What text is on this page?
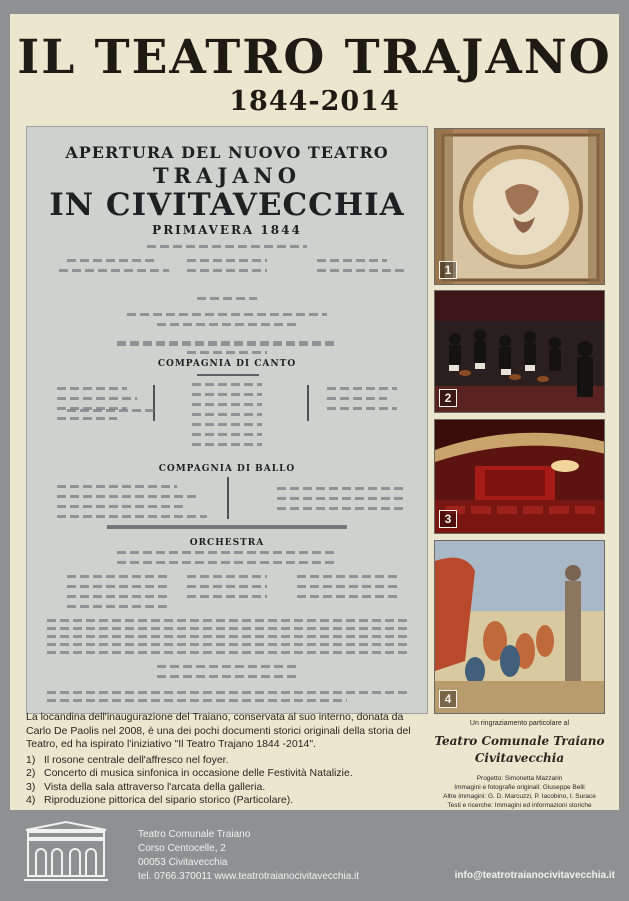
IL TEATRO TRAJANO
1844-2014
APERTURA DEL NUOVO TEATRO
TRAJANO
IN CIVITAVECCHIA
PRIMAVERA 1844
COMPAGNIA DI CANTO
COMPAGNIA DI BALLO
ORCHESTRA
1
2
3
4

La locandina dell'inaugurazione del Traiano, conservata al suo interno, donata da Carlo De Paolis nel 2008, è una dei pochi documenti storici originali della storia del Teatro, ed ha ispirato l'iniziativo "Il Teatro Trajano 1844 -2014".

1) Il rosone centrale dell'affresco nel foyer.
2) Concerto di musica sinfonica in occasione delle Festività Natalizie.
3) Vista della sala attraverso l'arcata della galleria.
4) Riproduzione pittorica del sipario storico (Particolare).
Un ringraziamento particolare al
Teatro Comunale Traiano
Civitavecchia
Progetto: Simonetta Mazzarin
Immagini e fotografie originali: Giuseppe Belli
Altre immagini: G. D. Marcuzzi, P. Iacobino, I. Surace
Testi e ricerche: Immagini ed informazioni storiche
Teatro Comunale Traiano
Corso Centocelle, 2
00053 Civitavecchia
tel. 0766.370011 www.teatrotraianocivitavecchia.it	info@teatrotraianocivitavecchia.it
